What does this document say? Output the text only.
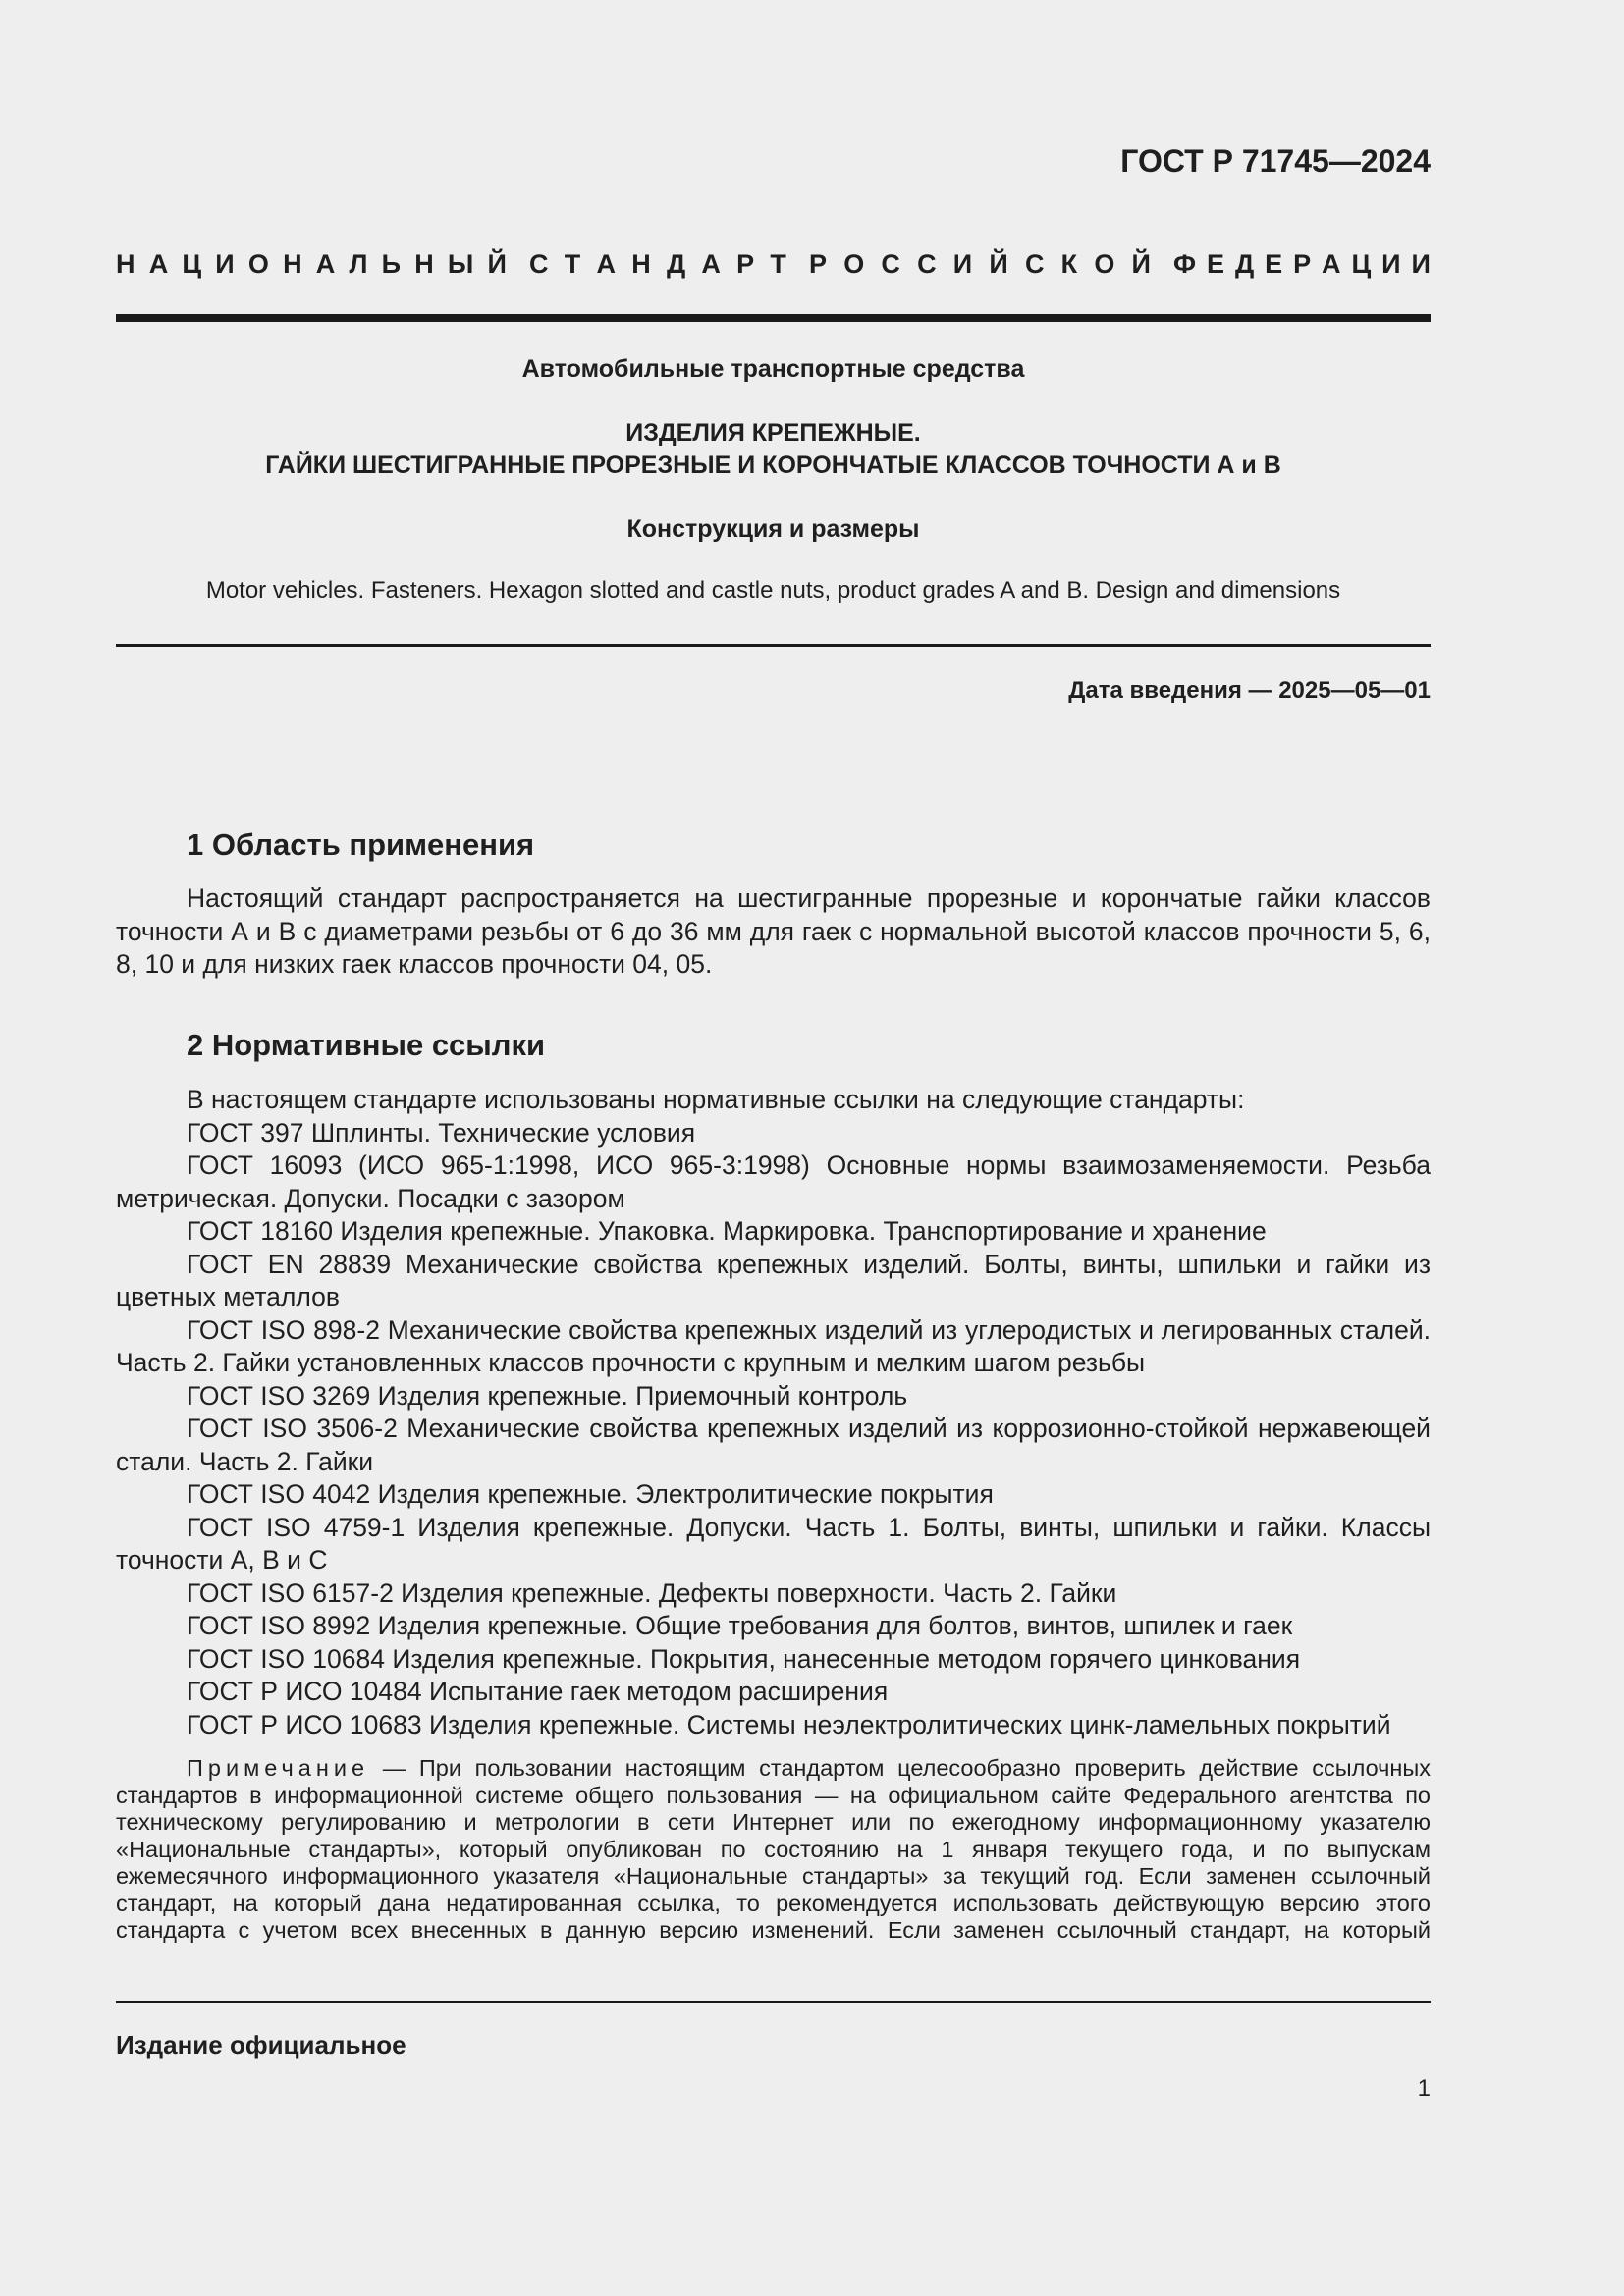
ГОСТ Р 71745—2024
Н А Ц И О Н А Л Ь Н Ы Й С Т А Н Д А Р Т Р О С С И Й С К О Й Ф Е Д Е Р А Ц И И
Автомобильные транспортные средства
ИЗДЕЛИЯ КРЕПЕЖНЫЕ.
ГАЙКИ ШЕСТИГРАННЫЕ ПРОРЕЗНЫЕ И КОРОНЧАТЫЕ КЛАССОВ ТОЧНОСТИ А и В
Конструкция и размеры
Motor vehicles. Fasteners. Hexagon slotted and castle nuts, product grades A and B. Design and dimensions
Дата введения — 2025—05—01
1 Область применения

Настоящий стандарт распространяется на шестигранные прорезные и корончатые гайки классов точности А и В с диаметрами резьбы от 6 до 36 мм для гаек с нормальной высотой классов прочности 5, 6, 8, 10 и для низких гаек классов прочности 04, 05.

2 Нормативные ссылки

В настоящем стандарте использованы нормативные ссылки на следующие стандарты:

ГОСТ 397 Шплинты. Технические условия

ГОСТ 16093 (ИСО 965-1:1998, ИСО 965-3:1998) Основные нормы взаимозаменяемости. Резьба метрическая. Допуски. Посадки с зазором

ГОСТ 18160 Изделия крепежные. Упаковка. Маркировка. Транспортирование и хранение

ГОСТ EN 28839 Механические свойства крепежных изделий. Болты, винты, шпильки и гайки из цветных металлов

ГОСТ ISO 898-2 Механические свойства крепежных изделий из углеродистых и легированных сталей. Часть 2. Гайки установленных классов прочности с крупным и мелким шагом резьбы

ГОСТ ISO 3269 Изделия крепежные. Приемочный контроль

ГОСТ ISO 3506-2 Механические свойства крепежных изделий из коррозионно-стойкой нержавеющей стали. Часть 2. Гайки

ГОСТ ISO 4042 Изделия крепежные. Электролитические покрытия

ГОСТ ISO 4759-1 Изделия крепежные. Допуски. Часть 1. Болты, винты, шпильки и гайки. Классы точности А, В и С

ГОСТ ISO 6157-2 Изделия крепежные. Дефекты поверхности. Часть 2. Гайки

ГОСТ ISO 8992 Изделия крепежные. Общие требования для болтов, винтов, шпилек и гаек

ГОСТ ISO 10684 Изделия крепежные. Покрытия, нанесенные методом горячего цинкования

ГОСТ Р ИСО 10484 Испытание гаек методом расширения

ГОСТ Р ИСО 10683 Изделия крепежные. Системы неэлектролитических цинк-ламельных покрытий

Примечание — При пользовании настоящим стандартом целесообразно проверить действие ссылочных стандартов в информационной системе общего пользования — на официальном сайте Федерального агентства по техническому регулированию и метрологии в сети Интернет или по ежегодному информационному указателю «Национальные стандарты», который опубликован по состоянию на 1 января текущего года, и по выпускам ежемесячного информационного указателя «Национальные стандарты» за текущий год. Если заменен ссылочный стандарт, на который дана недатированная ссылка, то рекомендуется использовать действующую версию этого стандарта с учетом всех внесенных в данную версию изменений. Если заменен ссылочный стандарт, на который

Издание официальное
1
